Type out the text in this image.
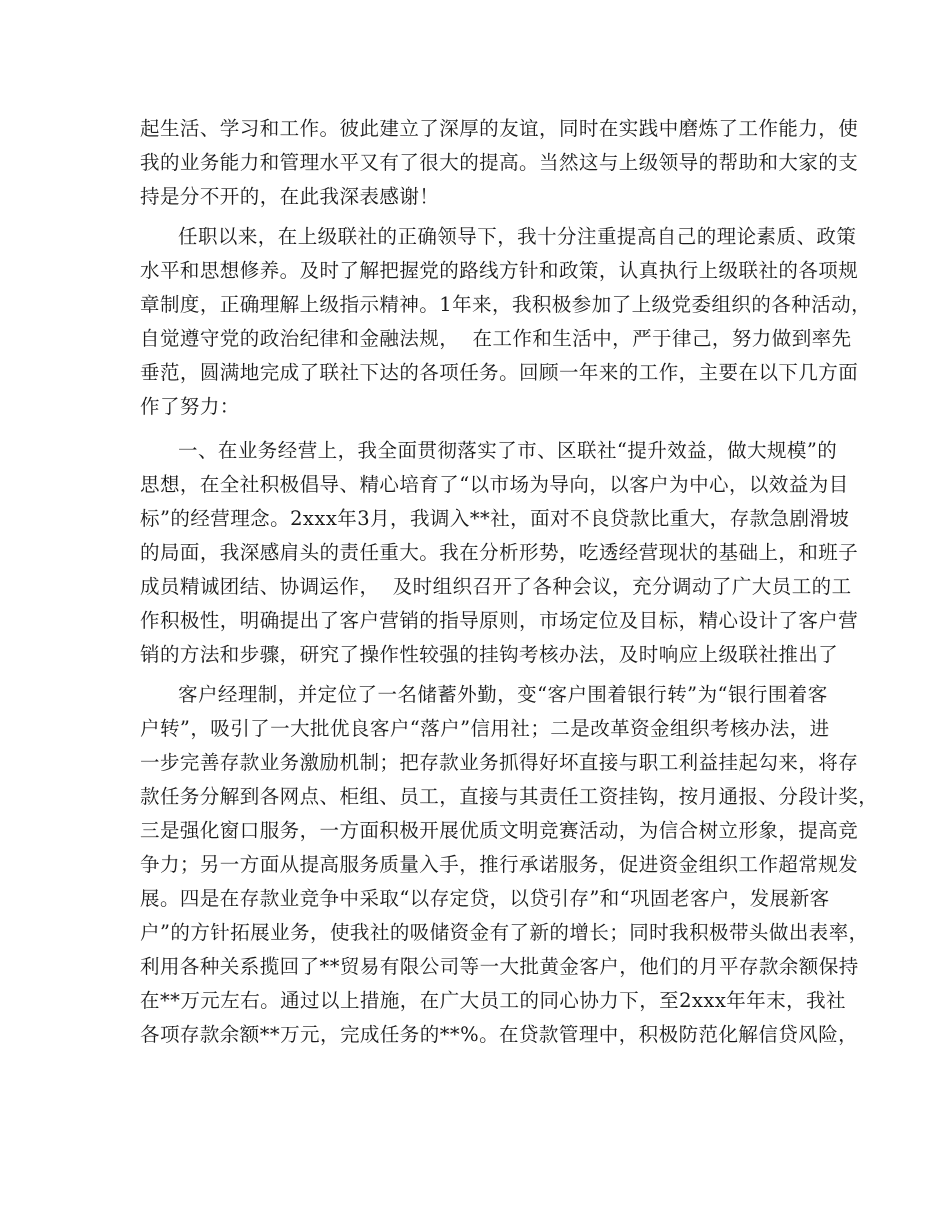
起生活、学习和工作。彼此建立了深厚的友谊，同时在实践中磨炼了工作能力，使
我的业务能力和管理水平又有了很大的提高。当然这与上级领导的帮助和大家的支
持是分不开的，在此我深表感谢！
任职以来，在上级联社的正确领导下，我十分注重提高自己的理论素质、政策
水平和思想修养。及时了解把握党的路线方针和政策，认真执行上级联社的各项规
章制度，正确理解上级指示精神。1年来，我积极参加了上级党委组织的各种活动，
自觉遵守党的政治纪律和金融法规，  在工作和生活中，严于律己，努力做到率先
垂范，圆满地完成了联社下达的各项任务。回顾一年来的工作，主要在以下几方面
作了努力：
一、在业务经营上，我全面贯彻落实了市、区联社“提升效益，做大规模”的
思想，在全社积极倡导、精心培育了“以市场为导向，以客户为中心，以效益为目
标”的经营理念。2xxx年3月，我调入**社，面对不良贷款比重大，存款急剧滑坡
的局面，我深感肩头的责任重大。我在分析形势，吃透经营现状的基础上，和班子
成员精诚团结、协调运作，  及时组织召开了各种会议，充分调动了广大员工的工
作积极性，明确提出了客户营销的指导原则，市场定位及目标，精心设计了客户营
销的方法和步骤，研究了操作性较强的挂钩考核办法，及时响应上级联社推出了
客户经理制，并定位了一名储蓄外勤，变“客户围着银行转”为“银行围着客
户转”，吸引了一大批优良客户“落户”信用社；二是改革资金组织考核办法，进
一步完善存款业务激励机制；把存款业务抓得好坏直接与职工利益挂起勾来，将存
款任务分解到各网点、柜组、员工，直接与其责任工资挂钩，按月通报、分段计奖，
三是强化窗口服务，一方面积极开展优质文明竞赛活动，为信合树立形象，提高竞
争力；另一方面从提高服务质量入手，推行承诺服务，促进资金组织工作超常规发
展。四是在存款业竞争中采取“以存定贷，以贷引存”和“巩固老客户，发展新客
户”的方针拓展业务，使我社的吸储资金有了新的增长；同时我积极带头做出表率，
利用各种关系揽回了**贸易有限公司等一大批黄金客户，他们的月平存款余额保持
在**万元左右。通过以上措施，在广大员工的同心协力下，至2xxx年年末，我社
各项存款余额**万元，完成任务的**%。在贷款管理中，积极防范化解信贷风险，
